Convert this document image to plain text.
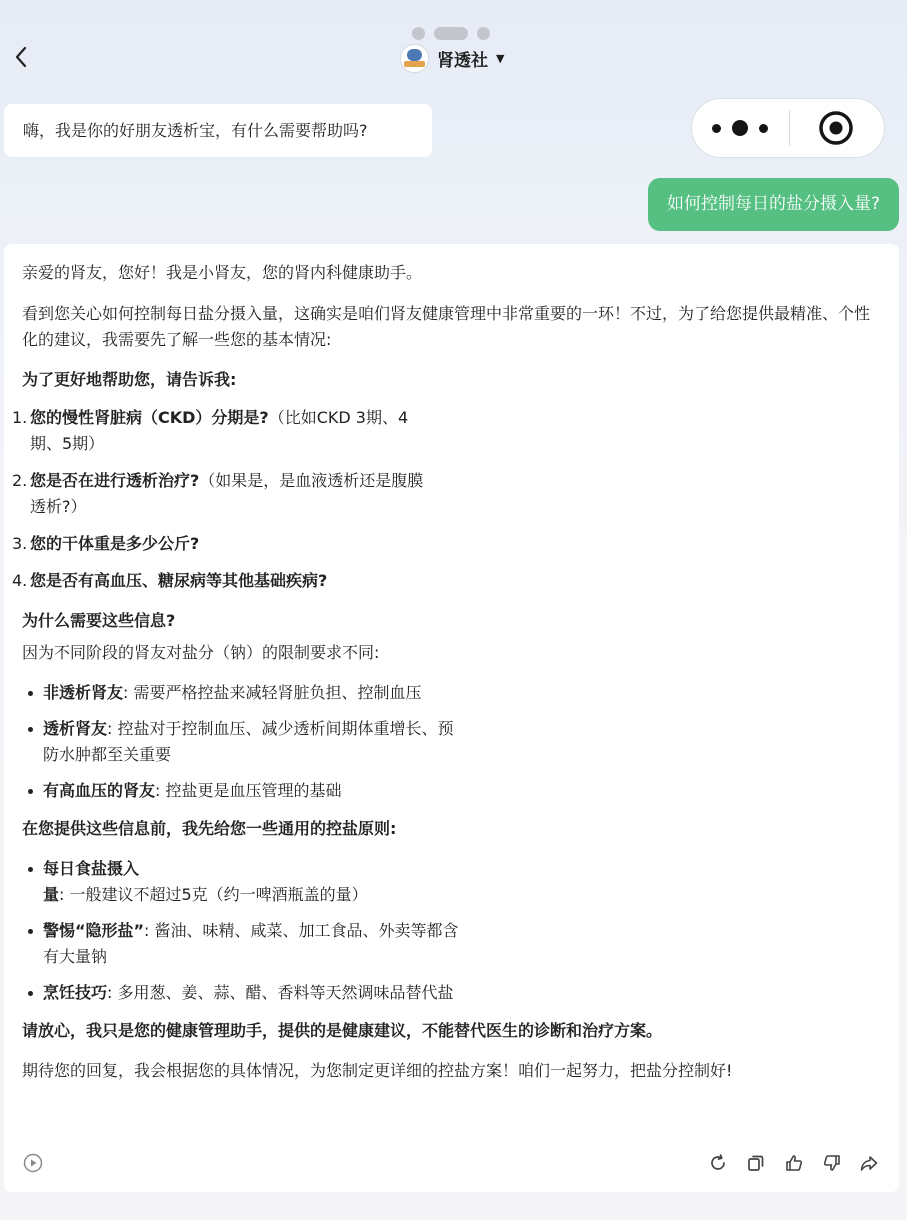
肾透社 ▼
嗨，我是你的好朋友透析宝，有什么需要帮助吗?
如何控制每日的盐分摄入量?

亲爱的肾友，您好！我是小肾友，您的肾内科健康助手。

看到您关心如何控制每日盐分摄入量，这确实是咱们肾友健康管理中非常重要的一环！不过，为了给您提供最精准、个性化的建议，我需要先了解一些您的基本情况:

为了更好地帮助您，请告诉我:

1. 您的慢性肾脏病（CKD）分期是?（比如CKD 3期、4期、5期）
2. 您是否在进行透析治疗?（如果是，是血液透析还是腹膜透析?）
3. 您的干体重是多少公斤?
4. 您是否有高血压、糖尿病等其他基础疾病?

为什么需要这些信息?

因为不同阶段的肾友对盐分（钠）的限制要求不同:

非透析肾友: 需要严格控盐来减轻肾脏负担、控制血压
透析肾友: 控盐对于控制血压、减少透析间期体重增长、预防水肿都至关重要
有高血压的肾友: 控盐更是血压管理的基础

在您提供这些信息前，我先给您一些通用的控盐原则:

每日食盐摄入量: 一般建议不超过5克（约一啤酒瓶盖的量）
警惕“隐形盐”: 酱油、味精、咸菜、加工食品、外卖等都含有大量钠
烹饪技巧: 多用葱、姜、蒜、醋、香料等天然调味品替代盐

请放心，我只是您的健康管理助手，提供的是健康建议，不能替代医生的诊断和治疗方案。

期待您的回复，我会根据您的具体情况，为您制定更详细的控盐方案！咱们一起努力，把盐分控制好!
